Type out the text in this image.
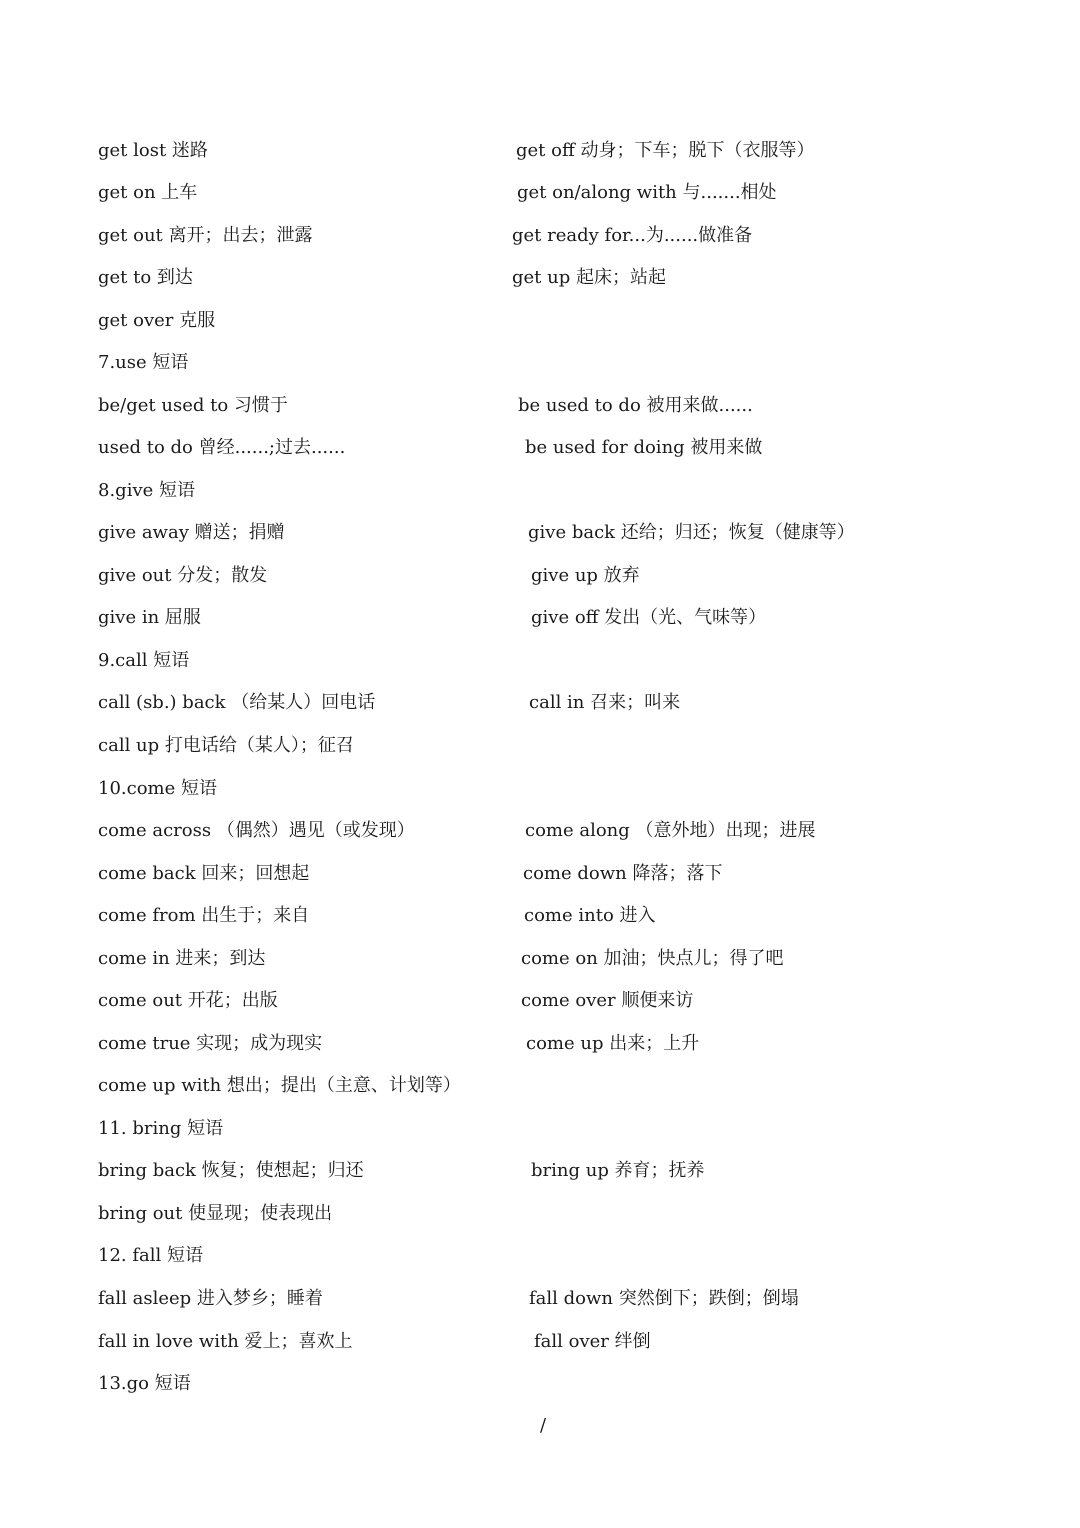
get lost 迷路	get off 动身；下车；脱下（衣服等）
get on 上车	get on/along with 与.......相处
get out 离开；出去；泄露	get ready for...为......做准备
get to 到达	get up 起床；站起
get over 克服
7.use 短语
be/get used to 习惯于	be used to do 被用来做......
used to do 曾经......;过去......	be used for doing 被用来做
8.give 短语
give away 赠送；捐赠	give back 还给；归还；恢复（健康等）
give out 分发；散发	give up 放弃
give in 屈服	give off 发出（光、气味等）
9.call 短语
call (sb.) back （给某人）回电话	call in 召来；叫来
call up 打电话给（某人）；征召
10.come 短语
come across （偶然）遇见（或发现）	come along （意外地）出现；进展
come back 回来；回想起	come down 降落；落下
come from 出生于；来自	come into 进入
come in 进来；到达	come on 加油；快点儿；得了吧
come out 开花；出版	come over 顺便来访
come true 实现；成为现实	come up 出来；上升
come up with 想出；提出（主意、计划等）
11. bring 短语
bring back 恢复；使想起；归还	bring up 养育；抚养
bring out 使显现；使表现出
12. fall 短语
fall asleep 进入梦乡；睡着	fall down 突然倒下；跌倒；倒塌
fall in love with 爱上；喜欢上	fall over 绊倒
13.go 短语
/
